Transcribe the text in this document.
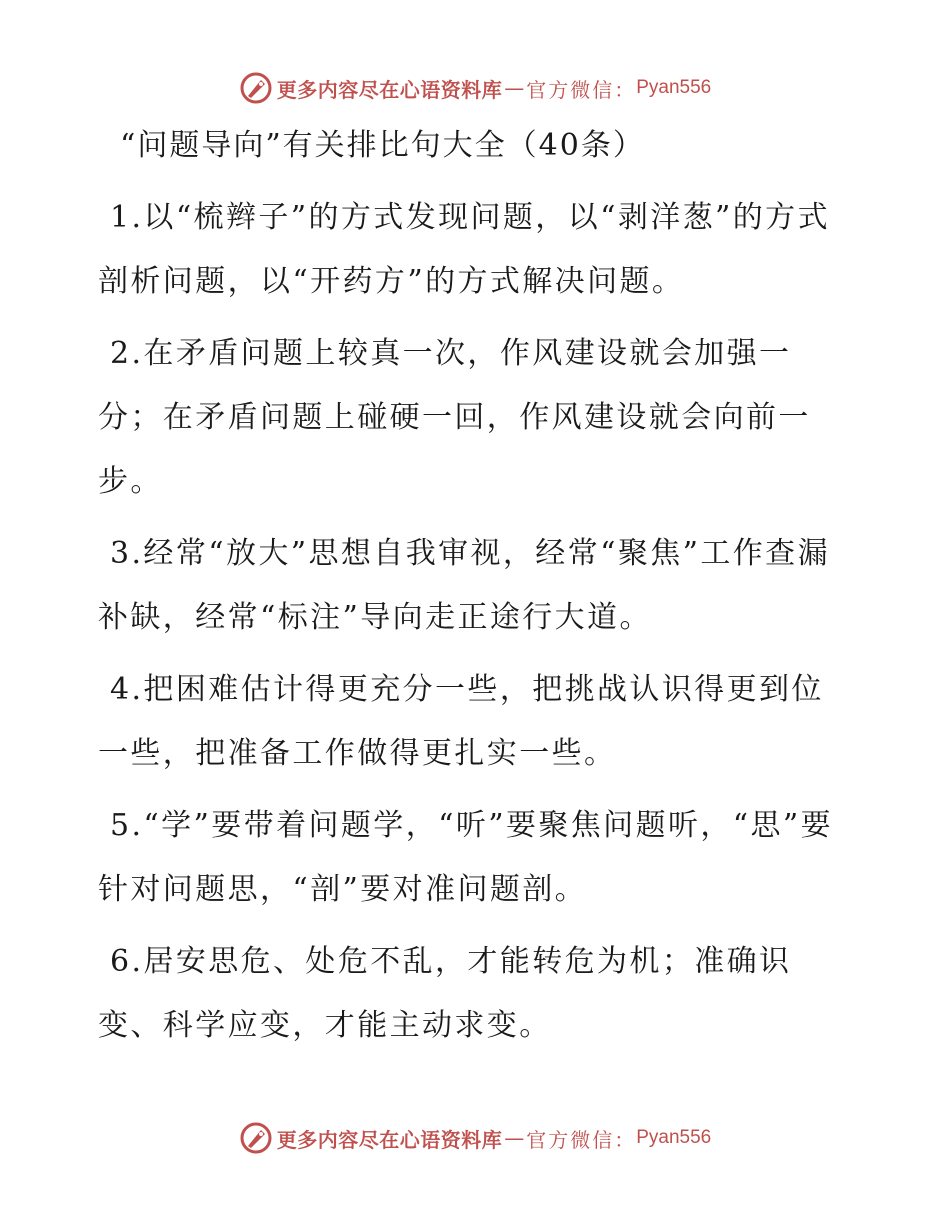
更多内容尽在心语资料库 — 官方微信： Pyan556
“问题导向”有关排比句大全（40条）
1.以“梳辫子”的方式发现问题，以“剥洋葱”的方式剖析问题，以“开药方”的方式解决问题。
2.在矛盾问题上较真一次，作风建设就会加强一分；在矛盾问题上碰硬一回，作风建设就会向前一步。
3.经常“放大”思想自我审视，经常“聚焦”工作查漏补缺，经常“标注”导向走正途行大道。
4.把困难估计得更充分一些，把挑战认识得更到位一些，把准备工作做得更扎实一些。
5.“学”要带着问题学，“听”要聚焦问题听，“思”要针对问题思，“剖”要对准问题剖。
6.居安思危、处危不乱，才能转危为机；准确识变、科学应变，才能主动求变。
更多内容尽在心语资料库 — 官方微信： Pyan556
